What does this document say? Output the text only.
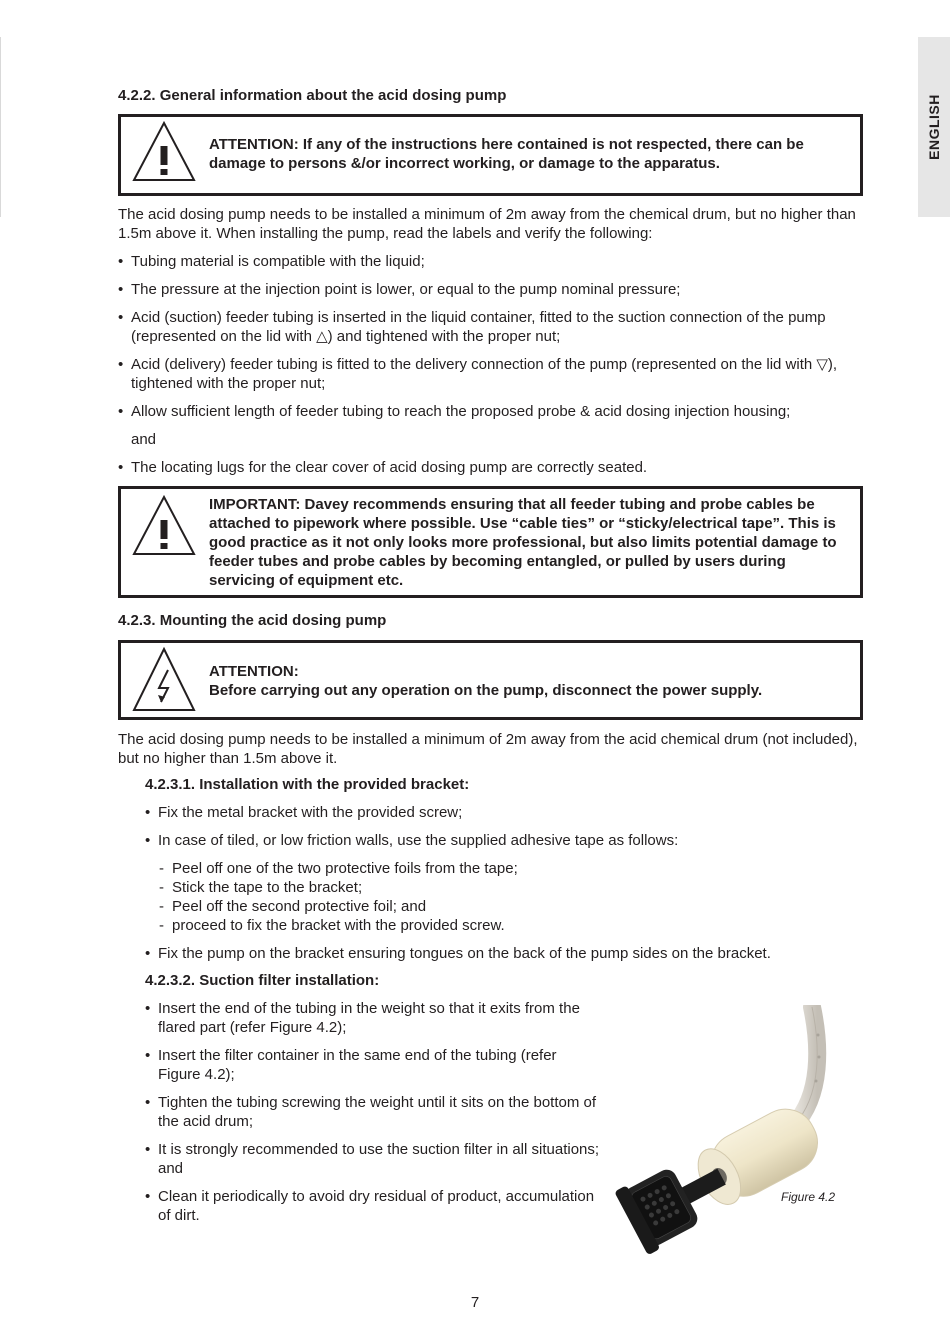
ENGLISH
4.2.2. General information about the acid dosing pump
ATTENTION: If any of the instructions here contained is not respected, there can be damage to persons &/or incorrect working, or damage to the apparatus.

The acid dosing pump needs to be installed a minimum of 2m away from the chemical drum, but no higher than 1.5m above it. When installing the pump, read the labels and verify the following:

• Tubing material is compatible with the liquid;
• The pressure at the injection point is lower, or equal to the pump nominal pressure;
• Acid (suction) feeder tubing is inserted in the liquid container, fitted to the suction connection of the pump (represented on the lid with △) and tightened with the proper nut;
• Acid (delivery) feeder tubing is fitted to the delivery connection of the pump (represented on the lid with ▽), tightened with the proper nut;
• Allow sufficient length of feeder tubing to reach the proposed probe & acid dosing injection housing;

and

• The locating lugs for the clear cover of acid dosing pump are correctly seated.
IMPORTANT: Davey recommends ensuring that all feeder tubing and probe cables be attached to pipework where possible. Use “cable ties” or “sticky/electrical tape”. This is good practice as it not only looks more professional, but also limits potential damage to feeder tubes and probe cables by becoming entangled, or pulled by users during servicing of equipment etc.
4.2.3. Mounting the acid dosing pump
ATTENTION:
Before carrying out any operation on the pump, disconnect the power supply.

The acid dosing pump needs to be installed a minimum of 2m away from the acid chemical drum (not included), but no higher than 1.5m above it.

4.2.3.1. Installation with the provided bracket:
• Fix the metal bracket with the provided screw;
• In case of tiled, or low friction walls, use the supplied adhesive tape as follows:
- Peel off one of the two protective foils from the tape;
- Stick the tape to the bracket;
- Peel off the second protective foil; and
- proceed to fix the bracket with the provided screw.
• Fix the pump on the bracket ensuring tongues on the back of the pump sides on the bracket.
4.2.3.2. Suction filter installation:
• Insert the end of the tubing in the weight so that it exits from the flared part (refer Figure 4.2);
• Insert the filter container in the same end of the tubing (refer Figure 4.2);
• Tighten the tubing screwing the weight until it sits on the bottom of the acid drum;
• It is strongly recommended to use the suction filter in all situations; and
• Clean it periodically to avoid dry residual of product, accumulation of dirt.
Figure 4.2
7
